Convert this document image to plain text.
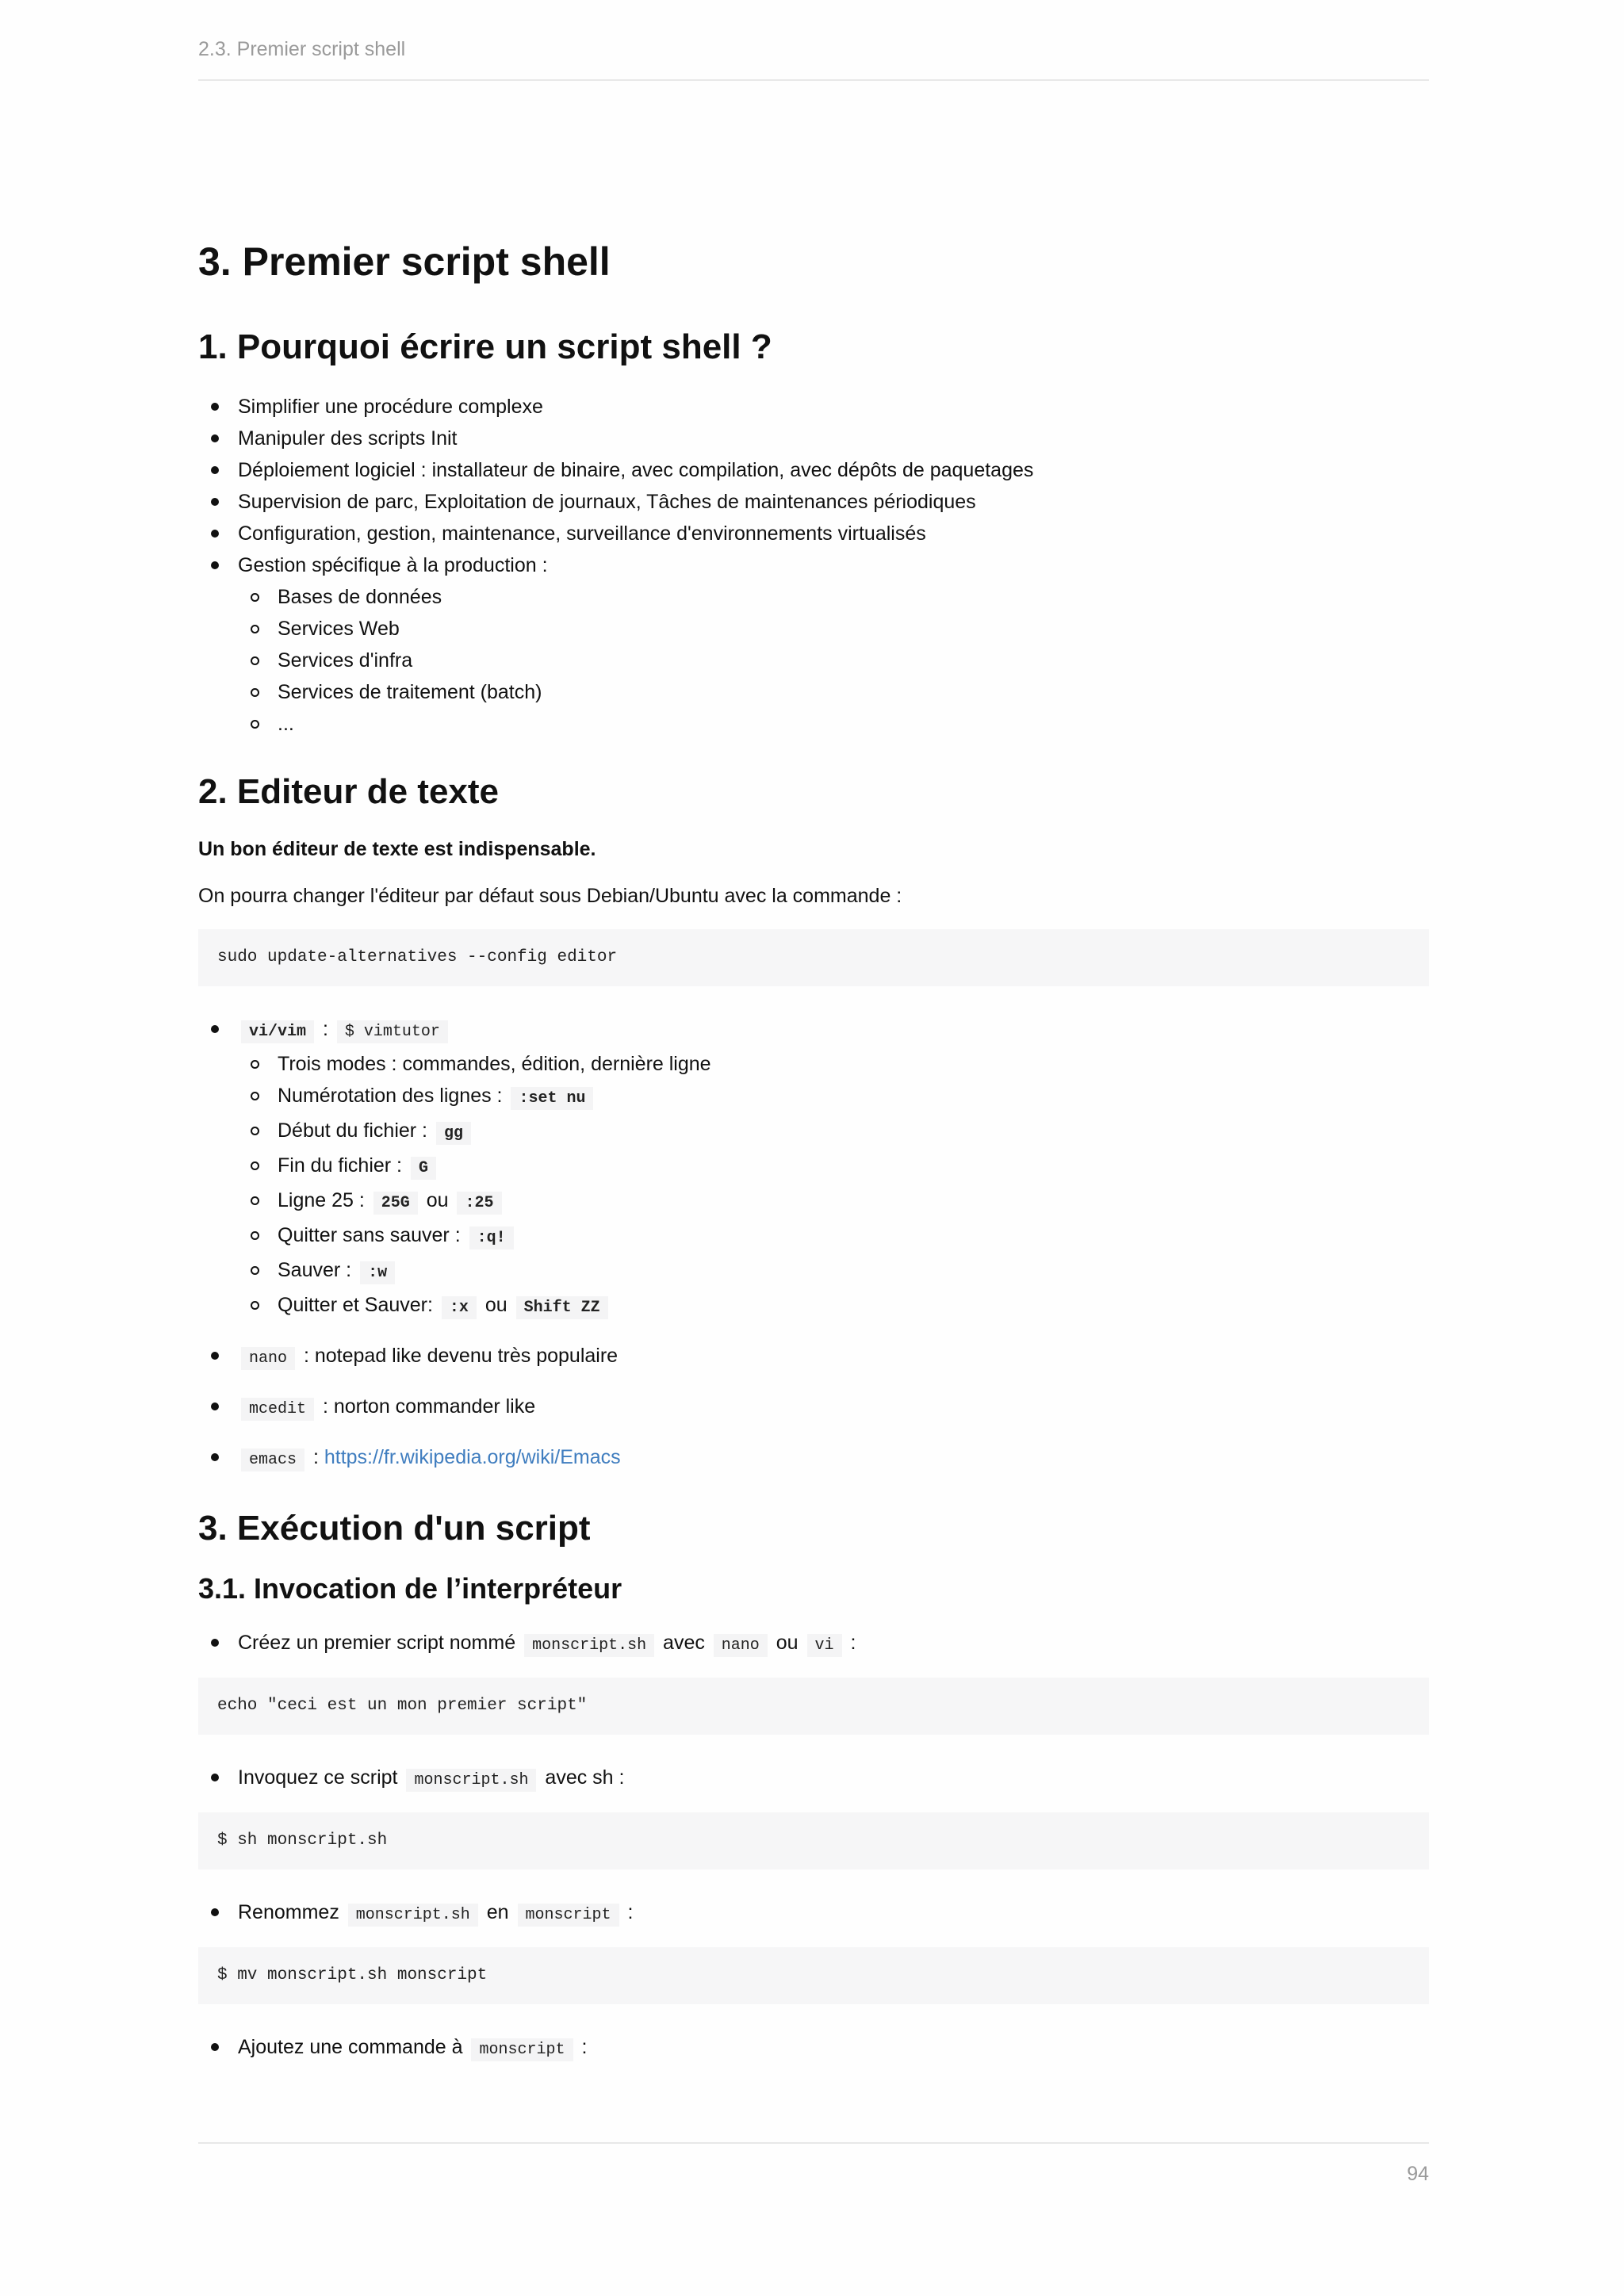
2.3. Premier script shell
3. Premier script shell
1. Pourquoi écrire un script shell ?
Simplifier une procédure complexe
Manipuler des scripts Init
Déploiement logiciel : installateur de binaire, avec compilation, avec dépôts de paquetages
Supervision de parc, Exploitation de journaux, Tâches de maintenances périodiques
Configuration, gestion, maintenance, surveillance d'environnements virtualisés
Gestion spécifique à la production :
Bases de données
Services Web
Services d'infra
Services de traitement (batch)
...
2. Editeur de texte

Un bon éditeur de texte est indispensable.

On pourra changer l'éditeur par défaut sous Debian/Ubuntu avec la commande :

sudo update-alternatives --config editor
vi/vim : $ vimtutor
Trois modes : commandes, édition, dernière ligne
Numérotation des lignes : :set nu
Début du fichier : gg
Fin du fichier : G
Ligne 25 : 25G ou :25
Quitter sans sauver : :q!
Sauver : :w
Quitter et Sauver: :x ou Shift ZZ
nano : notepad like devenu très populaire
mcedit : norton commander like
emacs : https://fr.wikipedia.org/wiki/Emacs
3. Exécution d'un script
3.1. Invocation de l’interpréteur
Créez un premier script nommé monscript.sh avec nano ou vi :
echo "ceci est un mon premier script"
Invoquez ce script monscript.sh avec sh :
$ sh monscript.sh
Renommez monscript.sh en monscript :
$ mv monscript.sh monscript
Ajoutez une commande à monscript :
94
